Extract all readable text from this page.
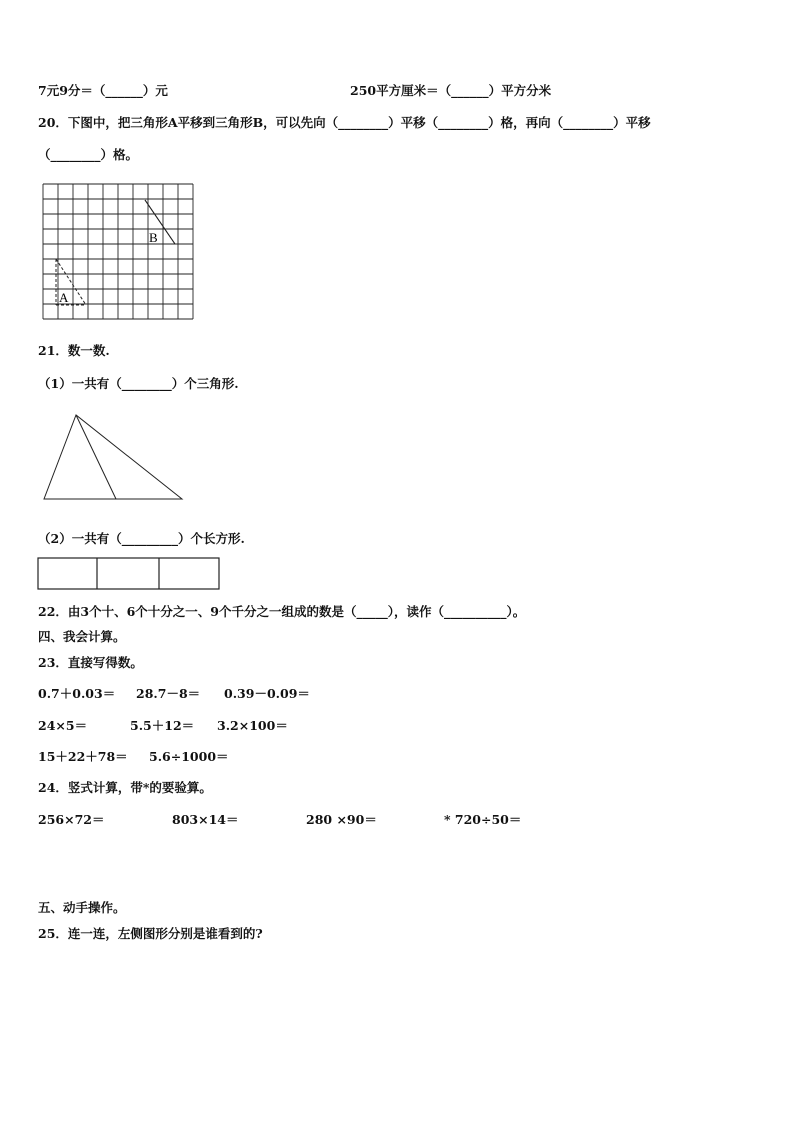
7元9分＝（______）元	250平方厘米＝（______）平方分米
20．下图中，把三角形A平移到三角形B，可以先向（________）平移（________）格，再向（________）平移
（________）格。
B
A
21．数一数.
（1）一共有（________）个三角形.
（2）一共有（_________）个长方形.
22．由3个十、6个十分之一、9个千分之一组成的数是（_____），读作（__________）。
四、我会计算。
23．直接写得数。
0.7＋0.03＝ 28.7－8＝ 0.39－0.09＝
24×5＝	5.5＋12＝ 3.2×100＝
15＋22＋78＝ 5.6÷1000＝
24．竖式计算，带*的要验算。
256×72＝	803×14＝	280 ×90＝	* 720÷50＝
五、动手操作。
25．连一连，左侧图形分别是谁看到的?
